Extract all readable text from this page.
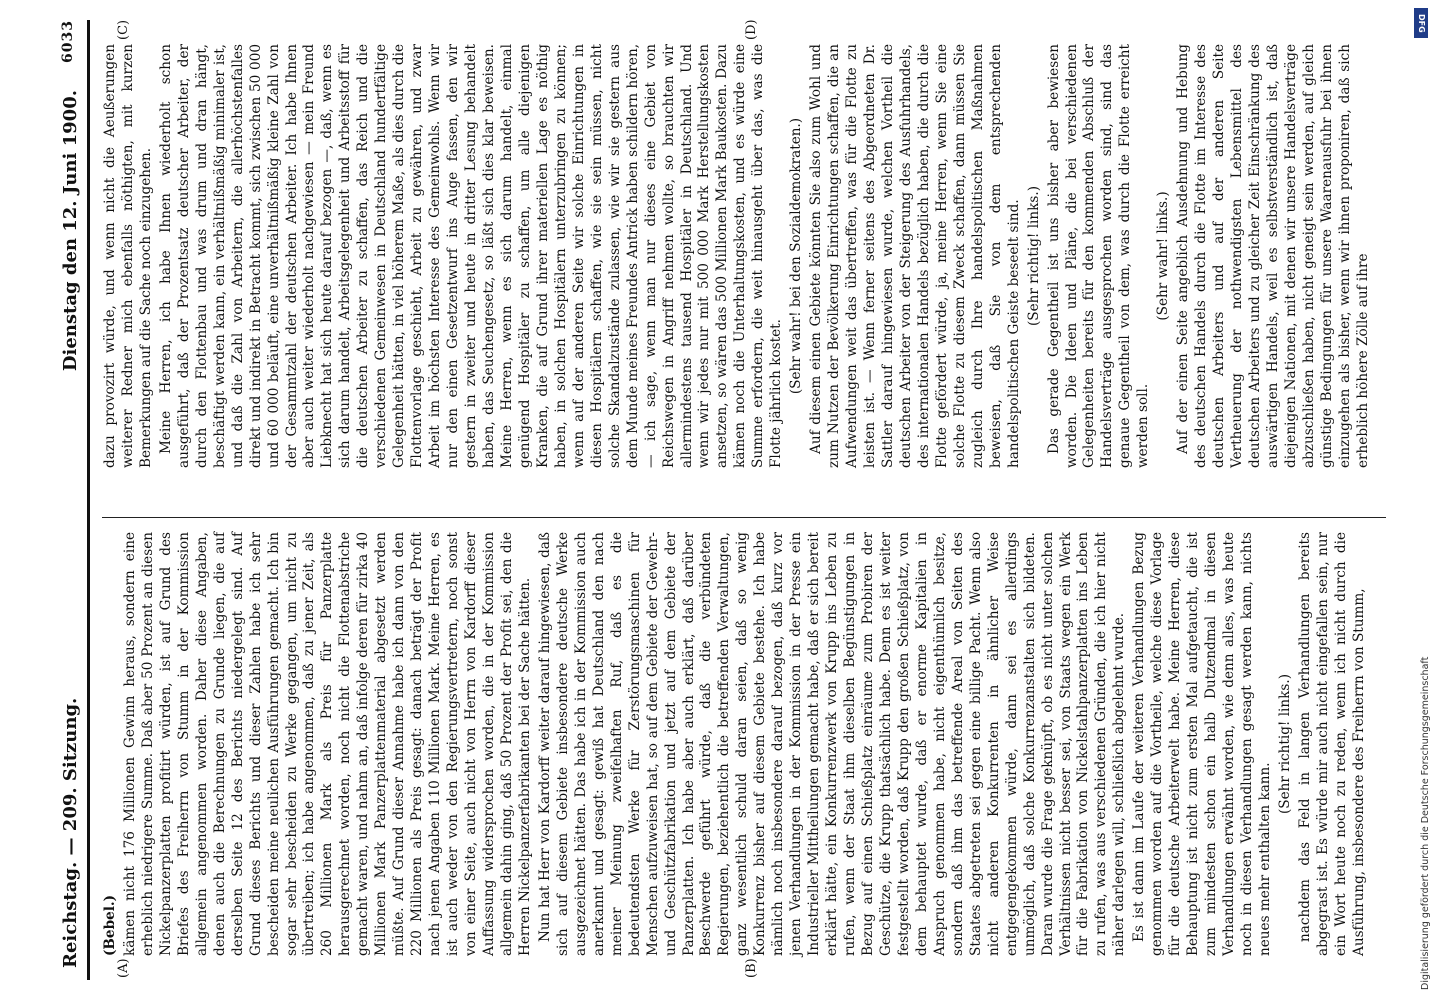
Reichstag. — 209. Sitzung.
Dienstag den 12. Juni 1900.
6033
(A)	(B)
(C)	(D)

(Bebel.) kämen nicht 176 Millionen Gewinn heraus, sondern eine erheblich niedrigere Summe. Daß aber 50 Prozent an diesen Nickelpanzerplatten profitirt würden, ist auf Grund des Briefes des Freiherrn von Stumm in der Kommission allgemein angenommen worden. Daher diese Angaben, denen auch die Berechnungen zu Grunde liegen, die auf derselben Seite 12 des Berichts niedergelegt sind. Auf Grund dieses Berichts und dieser Zahlen habe ich sehr bescheiden meine neulichen Ausführungen gemacht. Ich bin sogar sehr bescheiden zu Werke gegangen, um nicht zu übertreiben; ich habe angenommen, daß zu jener Zeit, als 260 Millionen Mark als Preis für Panzerplatte herausgerechnet worden, noch nicht die Flottenabstriche gemacht waren, und nahm an, daß infolge deren für zirka 40 Millionen Mark Panzerplattenmaterial abgesetzt werden müßte. Auf Grund dieser Annahme habe ich dann von den 220 Millionen als Preis gesagt: danach beträgt der Profit nach jenen Angaben 110 Millionen Mark. Meine Herren, es ist auch weder von den Regierungsvertretern, noch sonst von einer Seite, auch nicht von Herrn von Kardorff dieser Auffassung widersprochen worden, die in der Kommission allgemein dahin ging, daß 50 Prozent der Profit sei, den die Herren Nickelpanzerfabrikanten bei der Sache hätten. Nun hat Herr von Kardorff weiter darauf hingewiesen, daß sich auf diesem Gebiete insbesondere deutsche Werke ausgezeichnet hätten. Das habe ich in der Kommission auch anerkannt und gesagt: gewiß hat Deutschland den nach meiner Meinung zweifelhaften Ruf, daß es die bedeutendsten Werke für Zerstörungsmaschinen für Menschen aufzuweisen hat, so auf dem Gebiete der Gewehr- und Geschützfabrikation und jetzt auf dem Gebiete der Panzerplatten. Ich habe aber auch erklärt, daß darüber Beschwerde geführt würde, daß die verbündeten Regierungen, beziehentlich die betreffenden Verwaltungen, ganz wesentlich schuld daran seien, daß so wenig Konkurrenz bisher auf diesem Gebiete bestehe. Ich habe nämlich noch insbesondere darauf bezogen, daß kurz vor jenen Verhandlungen in der Kommission in der Presse ein Industrieller Mittheilungen gemacht habe, daß er sich bereit erklärt hätte, ein Konkurrenzwerk von Krupp ins Leben zu rufen, wenn der Staat ihm dieselben Begünstigungen in Bezug auf einen Schießplatz einräume zum Probiren der Geschütze, die Krupp thatsächlich habe. Denn es ist weiter festgestellt worden, daß Krupp den großen Schießplatz, von dem behauptet wurde, daß er enorme Kapitalien in Anspruch genommen habe, nicht eigenthümlich besitze, sondern daß ihm das betreffende Areal von Seiten des Staates abgetreten sei gegen eine billige Pacht. Wenn also nicht anderen Konkurrenten in ähnlicher Weise entgegengekommen würde, dann sei es allerdings unmöglich, daß solche Konkurrenzanstalten sich bildeten. Daran wurde die Frage geknüpft, ob es nicht unter solchen Verhältnissen nicht besser sei, von Staats wegen ein Werk für die Fabrikation von Nickelstahlpanzerplatten ins Leben zu rufen, was aus verschiedenen Gründen, die ich hier nicht näher darlegen will, schließlich abgelehnt wurde. Es ist dann im Laufe der weiteren Verhandlungen Bezug genommen worden auf die Vortheile, welche diese Vorlage für die deutsche Arbeiterwelt habe. Meine Herren, diese Behauptung ist nicht zum ersten Mal aufgetaucht, die ist zum mindesten schon ein halb Dutzendmal in diesen Verhandlungen erwähnt worden, wie denn alles, was heute noch in diesen Verhandlungen gesagt werden kann, nichts neues mehr enthalten kann.

(Sehr richtig! links.) nachdem das Feld in langen Verhandlungen bereits abgegrast ist. Es würde mir auch nicht eingefallen sein, nur ein Wort heute noch zu reden, wenn ich nicht durch die Ausführung, insbesondere des Freiherrn von Stumm,

dazu provozirt würde, und wenn nicht die Aeußerungen weiterer Redner mich ebenfalls nöthigten, mit kurzen Bemerkungen auf die Sache noch einzugehen. Meine Herren, ich habe Ihnen wiederholt schon ausgeführt, daß der Prozentsatz deutscher Arbeiter, der durch den Flottenbau und was drum und dran hängt, beschäftigt werden kann, ein verhältnißmäßig minimaler ist, und daß die Zahl von Arbeitern, die allerhöchstenfalles direkt und indirekt in Betracht kommt, sich zwischen 50 000 und 60 000 beläuft, eine unverhältnißmäßig kleine Zahl von der Gesammtzahl der deutschen Arbeiter. Ich habe Ihnen aber auch weiter wiederholt nachgewiesen — mein Freund Liebknecht hat sich heute darauf bezogen —, daß, wenn es sich darum handelt, Arbeitsgelegenheit und Arbeitsstoff für die deutschen Arbeiter zu schaffen, das Reich und die verschiedenen Gemeinwesen in Deutschland hundertfältige Gelegenheit hätten, in viel höherem Maße, als dies durch die Flottenvorlage geschieht, Arbeit zu gewähren, und zwar Arbeit im höchsten Interesse des Gemeinwohls. Wenn wir nur den einen Gesetzentwurf ins Auge fassen, den wir gestern in zweiter und heute in dritter Lesung behandelt haben, das Seuchengesetz, so läßt sich dies klar beweisen. Meine Herren, wenn es sich darum handelt, einmal genügend Hospitäler zu schaffen, um alle diejenigen Kranken, die auf Grund ihrer materiellen Lage es nöthig haben, in solchen Hospitälern unterzubringen zu können; wenn auf der anderen Seite wir solche Einrichtungen in diesen Hospitälern schaffen, wie sie sein müssen, nicht solche Skandalzustände zulassen, wie wir sie gestern aus dem Munde meines Freundes Antrick haben schildern hören, — ich sage, wenn man nur dieses eine Gebiet von Reichswegen in Angriff nehmen wollte, so brauchten wir allermindestens tausend Hospitäler in Deutschland. Und wenn wir jedes nur mit 500 000 Mark Herstellungskosten ansetzen, so wären das 500 Millionen Mark Baukosten. Dazu kämen noch die Unterhaltungskosten, und es würde eine Summe erfordern, die weit hinausgeht über das, was die Flotte jährlich kostet. (Sehr wahr! bei den Sozialdemokraten.) Auf diesem einen Gebiete könnten Sie also zum Wohl und zum Nutzen der Bevölkerung Einrichtungen schaffen, die an Aufwendungen weit das übertreffen, was für die Flotte zu leisten ist. — Wenn ferner seitens des Abgeordneten Dr. Sattler darauf hingewiesen wurde, welchen Vortheil die deutschen Arbeiter von der Steigerung des Ausfuhrhandels, des internationalen Handels bezüglich haben, die durch die Flotte gefördert würde, ja, meine Herren, wenn Sie eine solche Flotte zu diesem Zweck schaffen, dann müssen Sie zugleich durch Ihre handelspolitischen Maßnahmen beweisen, daß Sie von dem entsprechenden handelspolitischen Geiste beseelt sind. (Sehr richtig! links.) Das gerade Gegentheil ist uns bisher aber bewiesen worden. Die Ideen und Pläne, die bei verschiedenen Gelegenheiten bereits für den kommenden Abschluß der Handelsverträge ausgesprochen worden sind, sind das genaue Gegentheil von dem, was durch die Flotte erreicht werden soll.

(Sehr wahr! links.) Auf der einen Seite angeblich Ausdehnung und Hebung des deutschen Handels durch die Flotte im Interesse des deutschen Arbeiters und auf der anderen Seite Vertheuerung der nothwendigsten Lebensmittel des deutschen Arbeiters und zu gleicher Zeit Einschränkung des auswärtigen Handels, weil es selbstverständlich ist, daß diejenigen Nationen, mit denen wir unsere Handelsverträge abzuschließen haben, nicht geneigt sein werden, auf gleich günstige Bedingungen für unsere Waarenausfuhr bei ihnen einzugehen als bisher, wenn wir ihnen proponiren, daß sich erheblich höhere Zölle auf ihre

DFG
Digitalisierung gefördert durch die Deutsche Forschungsgemeinschaft
